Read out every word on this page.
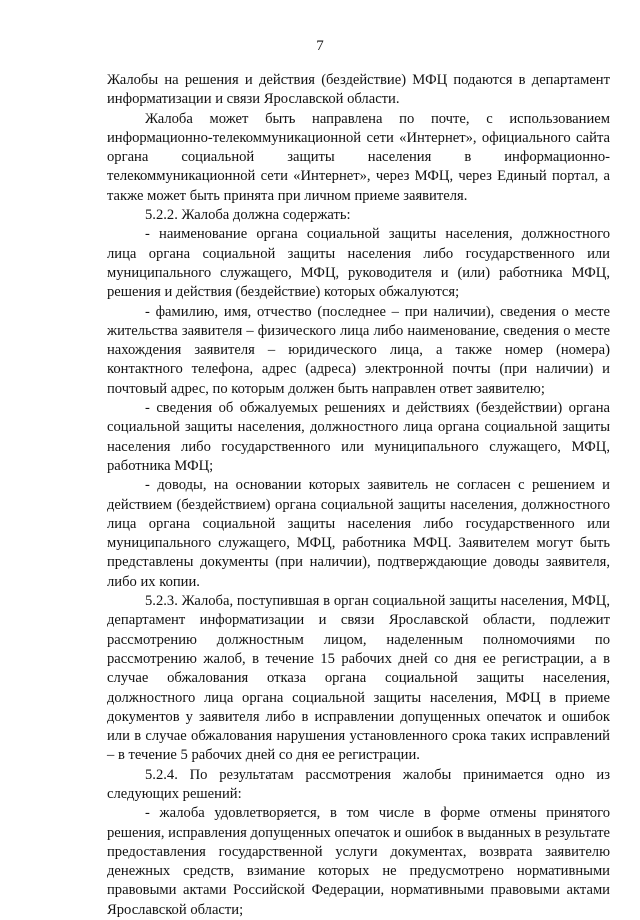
7

Жалобы на решения и действия (бездействие) МФЦ подаются в департамент информатизации и связи Ярославской области.

Жалоба может быть направлена по почте, с использованием информационно-телекоммуникационной сети «Интернет», официального сайта органа социальной защиты населения в информационно-телекоммуникационной сети «Интернет», через МФЦ, через Единый портал, а также может быть принята при личном приеме заявителя.

5.2.2. Жалоба должна содержать:

- наименование органа социальной защиты населения, должностного лица органа социальной защиты населения либо государственного или муниципального служащего, МФЦ, руководителя и (или) работника МФЦ, решения и действия (бездействие) которых обжалуются;

- фамилию, имя, отчество (последнее – при наличии), сведения о месте жительства заявителя – физического лица либо наименование, сведения о месте нахождения заявителя – юридического лица, а также номер (номера) контактного телефона, адрес (адреса) электронной почты (при наличии) и почтовый адрес, по которым должен быть направлен ответ заявителю;

- сведения об обжалуемых решениях и действиях (бездействии) органа социальной защиты населения, должностного лица органа социальной защиты населения либо государственного или муниципального служащего, МФЦ, работника МФЦ;

- доводы, на основании которых заявитель не согласен с решением и действием (бездействием) органа социальной защиты населения, должностного лица органа социальной защиты населения либо государственного или муниципального служащего, МФЦ, работника МФЦ. Заявителем могут быть представлены документы (при наличии), подтверждающие доводы заявителя, либо их копии.

5.2.3. Жалоба, поступившая в орган социальной защиты населения, МФЦ, департамент информатизации и связи Ярославской области, подлежит рассмотрению должностным лицом, наделенным полномочиями по рассмотрению жалоб, в течение 15 рабочих дней со дня ее регистрации, а в случае обжалования отказа органа социальной защиты населения, должностного лица органа социальной защиты населения, МФЦ в приеме документов у заявителя либо в исправлении допущенных опечаток и ошибок или в случае обжалования нарушения установленного срока таких исправлений – в течение 5 рабочих дней со дня ее регистрации.

5.2.4. По результатам рассмотрения жалобы принимается одно из следующих решений:

- жалоба удовлетворяется, в том числе в форме отмены принятого решения, исправления допущенных опечаток и ошибок в выданных в результате предоставления государственной услуги документах, возврата заявителю денежных средств, взимание которых не предусмотрено нормативными правовыми актами Российской Федерации, нормативными правовыми актами Ярославской области;
